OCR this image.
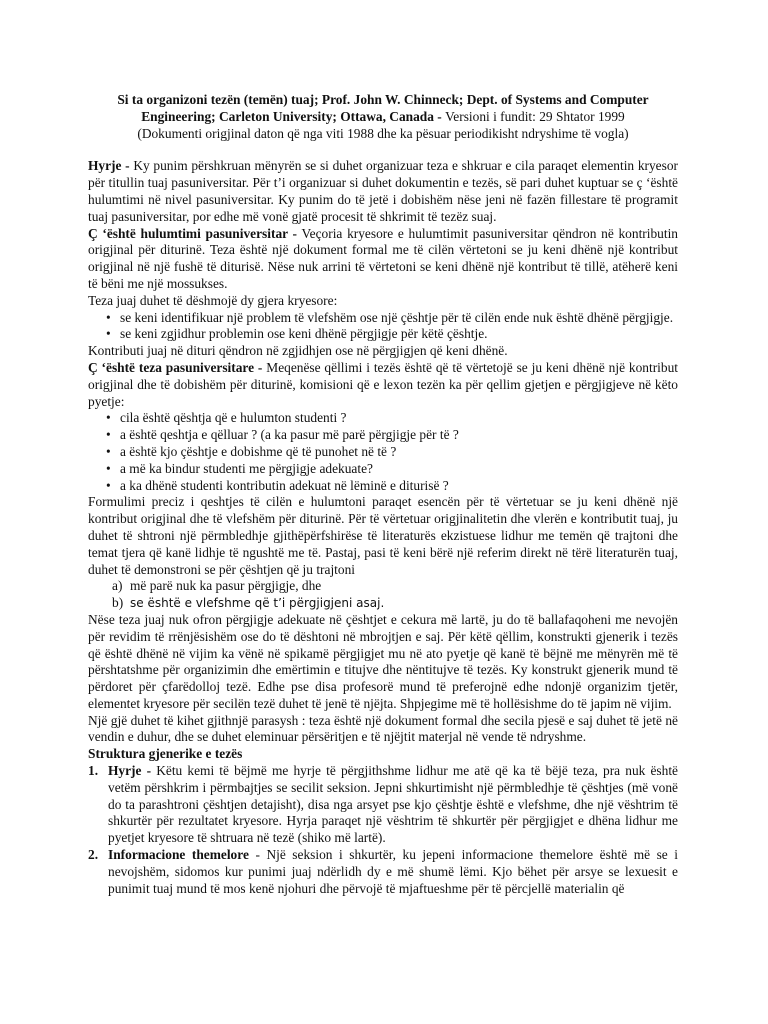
Si ta organizoni tezën (temën) tuaj; Prof. John W. Chinneck; Dept. of Systems and Computer Engineering; Carleton University; Ottawa, Canada - Versioni i fundit: 29 Shtator 1999
(Dokumenti origjinal daton që nga viti 1988 dhe ka pësuar periodikisht ndryshime të vogla)

Hyrje - Ky punim përshkruan mënyrën se si duhet organizuar teza e shkruar e cila paraqet elementin kryesor për titullin tuaj pasuniversitar. Për t’i organizuar si duhet dokumentin e tezës, së pari duhet kuptuar se ç ‘është hulumtimi në nivel pasuniversitar. Ky punim do të jetë i dobishëm nëse jeni në fazën fillestare të programit tuaj pasuniversitar, por edhe më vonë gjatë procesit të shkrimit të tezëz suaj.

Ç ‘është hulumtimi pasuniversitar - Veçoria kryesore e hulumtimit pasuniversitar qëndron në kontributin origjinal për diturinë. Teza është një dokument formal me të cilën vërtetoni se ju keni dhënë një kontribut origjinal në një fushë të diturisë. Nëse nuk arrini të vërtetoni se keni dhënë një kontribut të tillë, atëherë keni të bëni me një mossukses.

Teza juaj duhet të dëshmojë dy gjera kryesore:

• se keni identifikuar një problem të vlefshëm ose një çështje për të cilën ende nuk është dhënë përgjigje.
• se keni zgjidhur problemin ose keni dhënë përgjigje për këtë çështje.

Kontributi juaj në dituri qëndron në zgjidhjen ose në përgjigjen që keni dhënë.

Ç ‘është teza pasuniversitare - Meqenëse qëllimi i tezës është që të vërtetojë se ju keni dhënë një kontribut origjinal dhe të dobishëm për diturinë, komisioni që e lexon tezën ka për qellim gjetjen e përgjigjeve në këto pyetje:

• cila është qështja që e hulumton studenti ?
• a është qeshtja e qëlluar ? (a ka pasur më parë përgjigje për të ?
• a është kjo çështje e dobishme që të punohet në të ?
• a më ka bindur studenti me përgjigje adekuate?
• a ka dhënë studenti kontributin adekuat në lëminë e diturisë ?

Formulimi preciz i qeshtjes të cilën e hulumtoni paraqet esencën për të vërtetuar se ju keni dhënë një kontribut origjinal dhe të vlefshëm për diturinë. Për të vërtetuar origjinalitetin dhe vlerën e kontributit tuaj, ju duhet të shtroni një përmbledhje gjithëpërfshirëse të literaturës ekzistuese lidhur me temën që trajtoni dhe temat tjera që kanë lidhje të ngushtë me të. Pastaj, pasi të keni bërë një referim direkt në tërë literaturën tuaj, duhet të demonstroni se për çështjen që ju trajtoni

a) më parë nuk ka pasur përgjigje, dhe
b) se është e vlefshme që t’i përgjigjeni asaj.

Nëse teza juaj nuk ofron përgjigje adekuate në çështjet e cekura më lartë, ju do të ballafaqoheni me nevojën për revidim të rrënjësishëm ose do të dështoni në mbrojtjen e saj. Për këtë qëllim, konstrukti gjenerik i tezës që është dhënë në vijim ka vënë në spikamë përgjigjet mu në ato pyetje që kanë të bëjnë me mënyrën më të përshtatshme për organizimin dhe emërtimin e titujve dhe nëntitujve të tezës. Ky konstrukt gjenerik mund të përdoret për çfarëdolloj tezë. Edhe pse disa profesorë mund të preferojnë edhe ndonjë organizim tjetër, elementet kryesore për secilën tezë duhet të jenë të njëjta. Shpjegime më të hollësishme do të japim në vijim.

Një gjë duhet të kihet gjithnjë parasysh : teza është një dokument formal dhe secila pjesë e saj duhet të jetë në vendin e duhur, dhe se duhet eleminuar përsëritjen e të njëjtit materjal në vende të ndryshme.

Struktura gjenerike e tezës

1. Hyrje - Këtu kemi të bëjmë me hyrje të përgjithshme lidhur me atë që ka të bëjë teza, pra nuk është vetëm përshkrim i përmbajtjes se secilit seksion. Jepni shkurtimisht një përmbledhje të çështjes (më vonë do ta parashtroni çështjen detajisht), disa nga arsyet pse kjo çështje është e vlefshme, dhe një vështrim të shkurtër për rezultatet kryesore. Hyrja paraqet një vështrim të shkurtër për përgjigjet e dhëna lidhur me pyetjet kryesore të shtruara në tezë (shiko më lartë).
2. Informacione themelore - Një seksion i shkurtër, ku jepeni informacione themelore është më se i nevojshëm, sidomos kur punimi juaj ndërlidh dy e më shumë lëmi. Kjo bëhet për arsye se lexuesit e punimit tuaj mund të mos kenë njohuri dhe përvojë të mjaftueshme për të përcjellë materialin që
